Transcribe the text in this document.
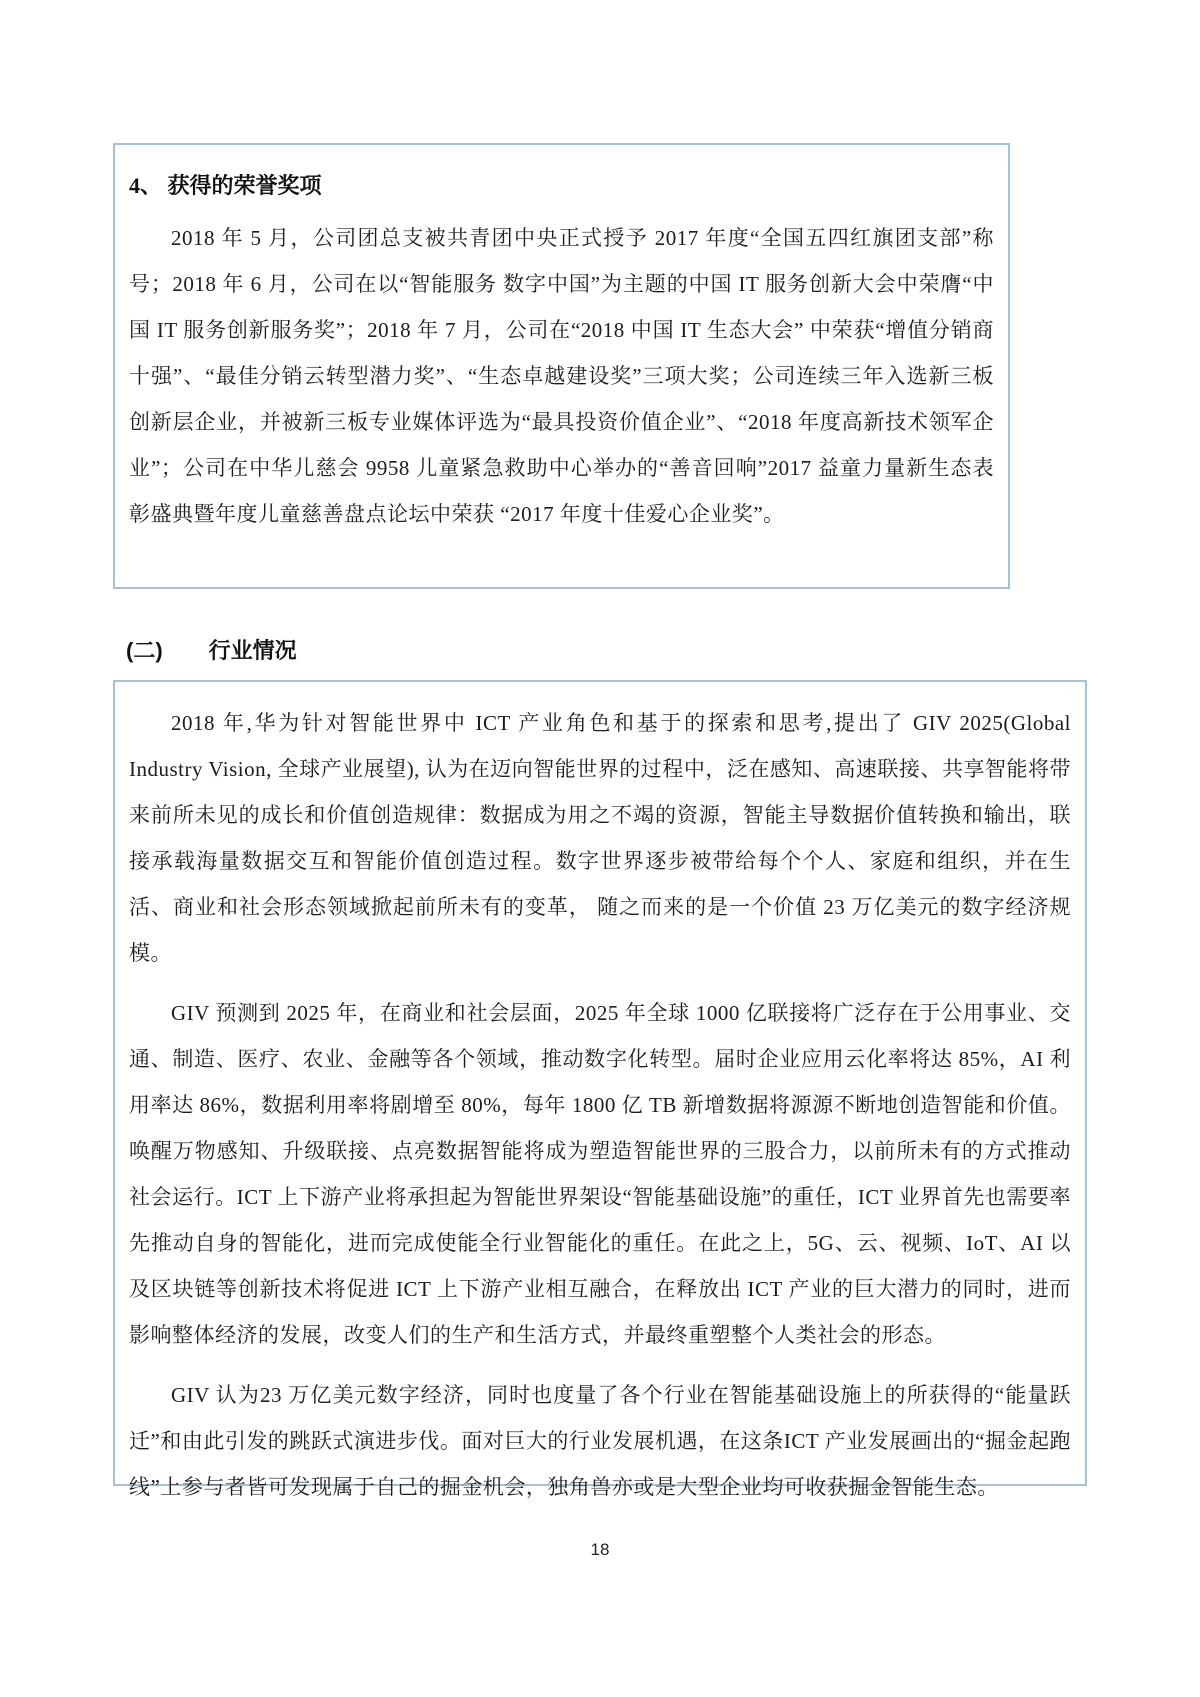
4、 获得的荣誉奖项

2018 年 5 月，公司团总支被共青团中央正式授予 2017 年度“全国五四红旗团支部”称号；2018 年 6 月，公司在以“智能服务 数字中国”为主题的中国 IT 服务创新大会中荣膺“中国 IT 服务创新服务奖”；2018 年 7 月，公司在“2018 中国 IT 生态大会” 中荣获“增值分销商十强”、“最佳分销云转型潜力奖”、“生态卓越建设奖”三项大奖；公司连续三年入选新三板创新层企业，并被新三板专业媒体评选为“最具投资价值企业”、“2018 年度高新技术领军企业”；公司在中华儿慈会 9958 儿童紧急救助中心举办的“善音回响”2017 益童力量新生态表彰盛典暨年度儿童慈善盘点论坛中荣获 “2017 年度十佳爱心企业奖”。

(二) 行业情况

2018 年,华为针对智能世界中 ICT 产业角色和基于的探索和思考,提出了 GIV 2025(Global Industry Vision, 全球产业展望), 认为在迈向智能世界的过程中，泛在感知、高速联接、共享智能将带来前所未见的成长和价值创造规律：数据成为用之不竭的资源，智能主导数据价值转换和输出，联接承载海量数据交互和智能价值创造过程。数字世界逐步被带给每个个人、家庭和组织，并在生活、商业和社会形态领域掀起前所未有的变革， 随之而来的是一个价值 23 万亿美元的数字经济规模。

GIV 预测到 2025 年，在商业和社会层面，2025 年全球 1000 亿联接将广泛存在于公用事业、交通、制造、医疗、农业、金融等各个领域，推动数字化转型。届时企业应用云化率将达 85%，AI 利用率达 86%，数据利用率将剧增至 80%，每年 1800 亿 TB 新增数据将源源不断地创造智能和价值。唤醒万物感知、升级联接、点亮数据智能将成为塑造智能世界的三股合力，以前所未有的方式推动社会运行。ICT 上下游产业将承担起为智能世界架设“智能基础设施”的重任，ICT 业界首先也需要率先推动自身的智能化，进而完成使能全行业智能化的重任。在此之上，5G、云、视频、IoT、AI 以及区块链等创新技术将促进 ICT 上下游产业相互融合，在释放出 ICT 产业的巨大潜力的同时，进而影响整体经济的发展，改变人们的生产和生活方式，并最终重塑整个人类社会的形态。

GIV 认为23 万亿美元数字经济，同时也度量了各个行业在智能基础设施上的所获得的“能量跃迁”和由此引发的跳跃式演进步伐。面对巨大的行业发展机遇，在这条ICT 产业发展画出的“掘金起跑线”上参与者皆可发现属于自己的掘金机会，独角兽亦或是大型企业均可收获掘金智能生态。

18
